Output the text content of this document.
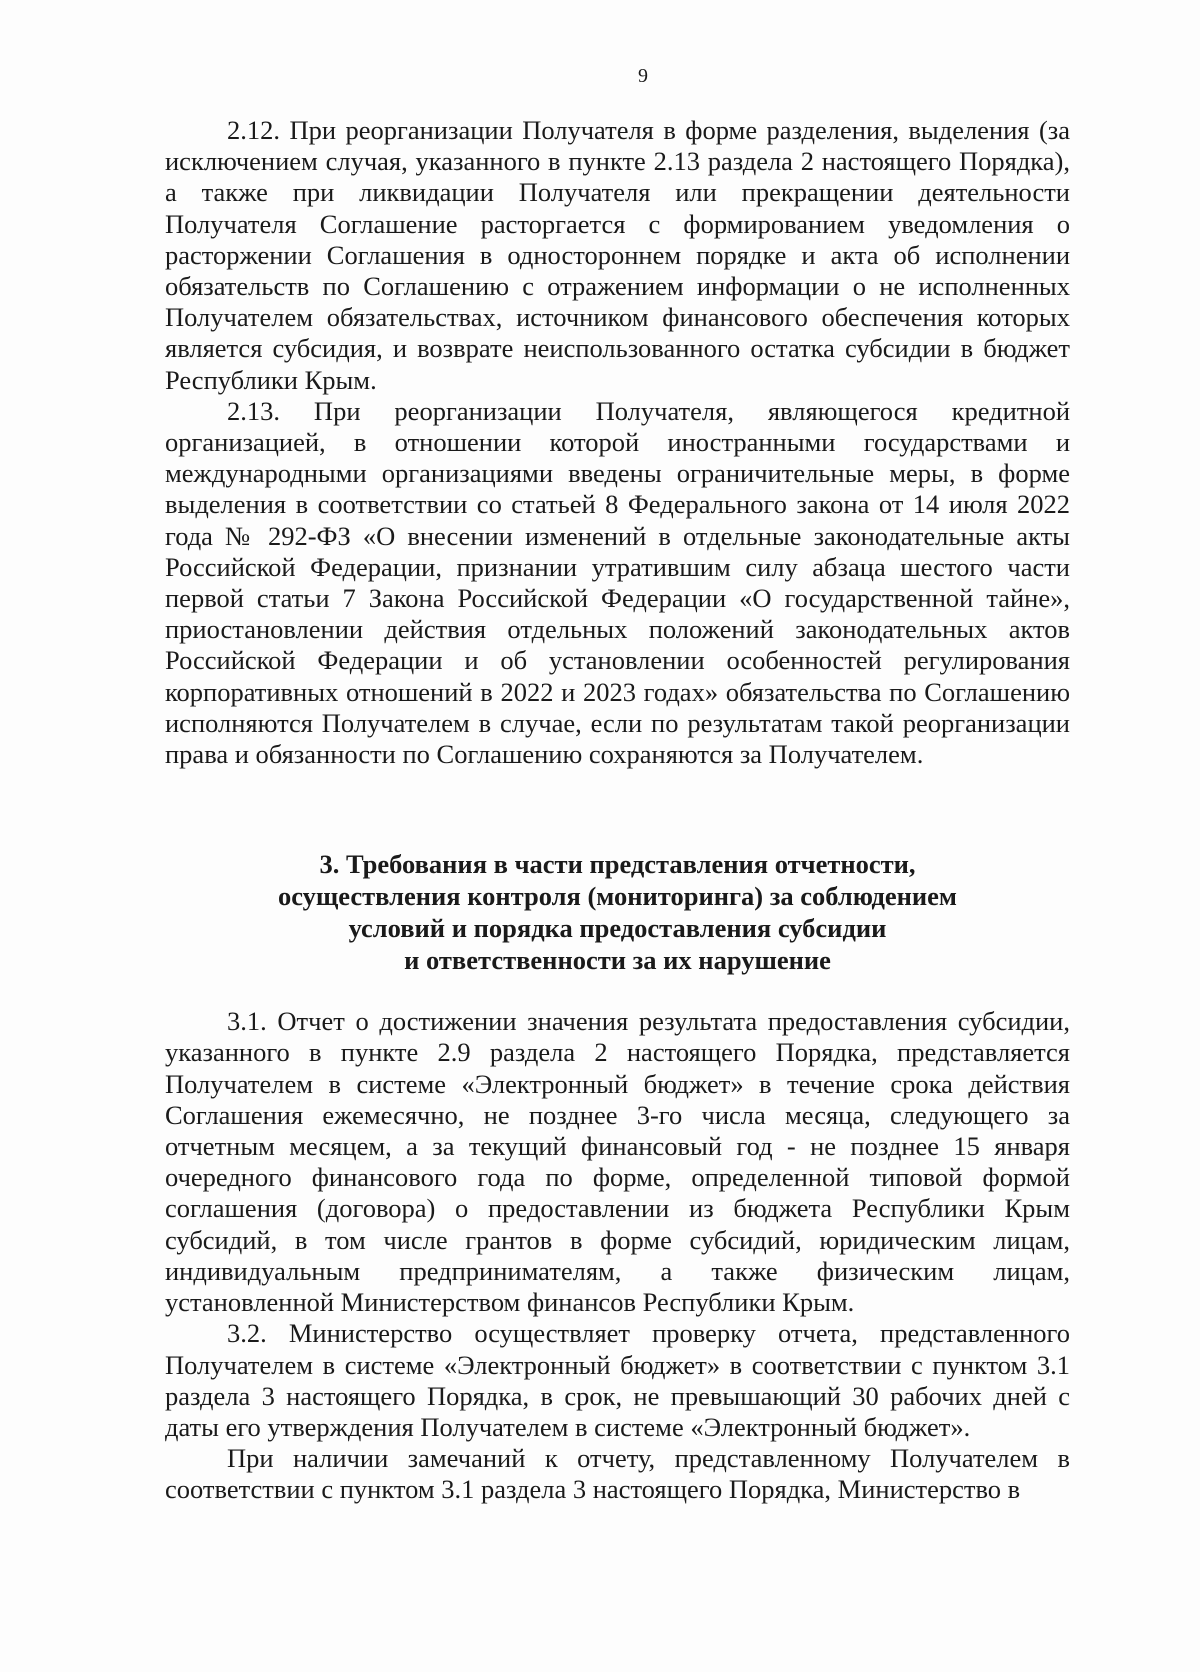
9

2.12. При реорганизации Получателя в форме разделения, выделения (за исключением случая, указанного в пункте 2.13 раздела 2 настоящего Порядка), а также при ликвидации Получателя или прекращении деятельности Получателя Соглашение расторгается с формированием уведомления о расторжении Соглашения в одностороннем порядке и акта об исполнении обязательств по Соглашению с отражением информации о не исполненных Получателем обязательствах, источником финансового обеспечения которых является субсидия, и возврате неиспользованного остатка субсидии в бюджет Республики Крым.

2.13. При реорганизации Получателя, являющегося кредитной организацией, в отношении которой иностранными государствами и международными организациями введены ограничительные меры, в форме выделения в соответствии со статьей 8 Федерального закона от 14 июля 2022 года № 292-ФЗ «О внесении изменений в отдельные законодательные акты Российской Федерации, признании утратившим силу абзаца шестого части первой статьи 7 Закона Российской Федерации «О государственной тайне», приостановлении действия отдельных положений законодательных актов Российской Федерации и об установлении особенностей регулирования корпоративных отношений в 2022 и 2023 годах» обязательства по Соглашению исполняются Получателем в случае, если по результатам такой реорганизации права и обязанности по Соглашению сохраняются за Получателем.

3. Требования в части представления отчетности,
осуществления контроля (мониторинга) за соблюдением
условий и порядка предоставления субсидии
и ответственности за их нарушение

3.1. Отчет о достижении значения результата предоставления субсидии, указанного в пункте 2.9 раздела 2 настоящего Порядка, представляется Получателем в системе «Электронный бюджет» в течение срока действия Соглашения ежемесячно, не позднее 3-го числа месяца, следующего за отчетным месяцем, а за текущий финансовый год - не позднее 15 января очередного финансового года по форме, определенной типовой формой соглашения (договора) о предоставлении из бюджета Республики Крым субсидий, в том числе грантов в форме субсидий, юридическим лицам, индивидуальным предпринимателям, а также физическим лицам, установленной Министерством финансов Республики Крым.

3.2. Министерство осуществляет проверку отчета, представленного Получателем в системе «Электронный бюджет» в соответствии с пунктом 3.1 раздела 3 настоящего Порядка, в срок, не превышающий 30 рабочих дней с даты его утверждения Получателем в системе «Электронный бюджет».

При наличии замечаний к отчету, представленному Получателем в соответствии с пунктом 3.1 раздела 3 настоящего Порядка, Министерство в
